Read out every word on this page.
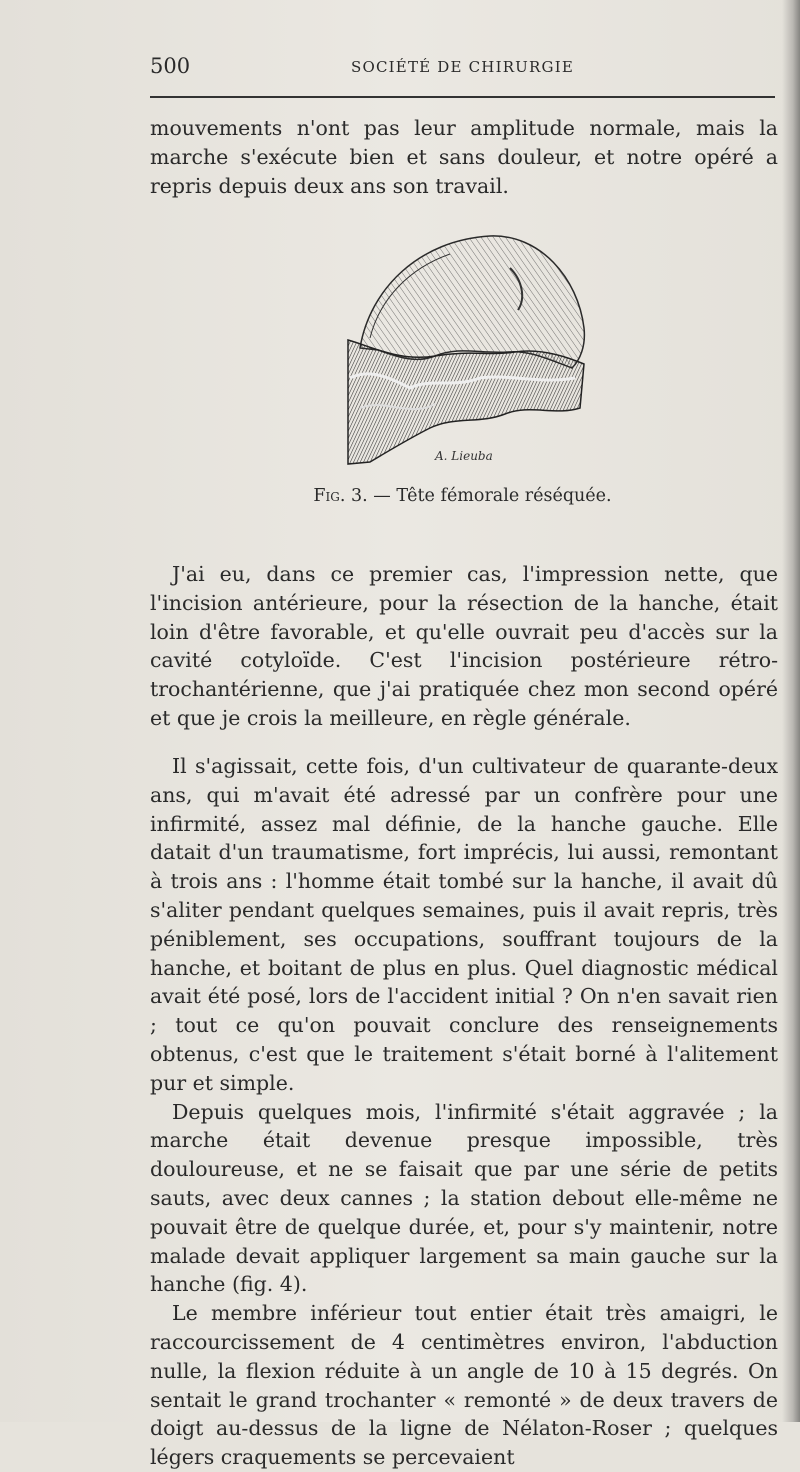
500	SOCIÉTÉ DE CHIRURGIE

mouvements n'ont pas leur amplitude normale, mais la marche s'exécute bien et sans douleur, et notre opéré a repris depuis deux ans son travail.

A. Lieuba
Fig. 3. — Tête fémorale réséquée.

J'ai eu, dans ce premier cas, l'impression nette, que l'incision antérieure, pour la résection de la hanche, était loin d'être favorable, et qu'elle ouvrait peu d'accès sur la cavité cotyloïde. C'est l'incision postérieure rétro-trochantérienne, que j'ai pratiquée chez mon second opéré et que je crois la meilleure, en règle générale.

Il s'agissait, cette fois, d'un cultivateur de quarante-deux ans, qui m'avait été adressé par un confrère pour une infirmité, assez mal définie, de la hanche gauche. Elle datait d'un traumatisme, fort imprécis, lui aussi, remontant à trois ans : l'homme était tombé sur la hanche, il avait dû s'aliter pendant quelques semaines, puis il avait repris, très péniblement, ses occupations, souffrant toujours de la hanche, et boitant de plus en plus. Quel diagnostic médical avait été posé, lors de l'accident initial ? On n'en savait rien ; tout ce qu'on pouvait conclure des renseignements obtenus, c'est que le traitement s'était borné à l'alitement pur et simple.

Depuis quelques mois, l'infirmité s'était aggravée ; la marche était devenue presque impossible, très douloureuse, et ne se faisait que par une série de petits sauts, avec deux cannes ; la station debout elle-même ne pouvait être de quelque durée, et, pour s'y maintenir, notre malade devait appliquer largement sa main gauche sur la hanche (fig. 4).

Le membre inférieur tout entier était très amaigri, le raccourcissement de 4 centimètres environ, l'abduction nulle, la flexion réduite à un angle de 10 à 15 degrés. On sentait le grand trochanter « remonté » de deux travers de doigt au-dessus de la ligne de Nélaton-Roser ; quelques légers craquements se percevaient
